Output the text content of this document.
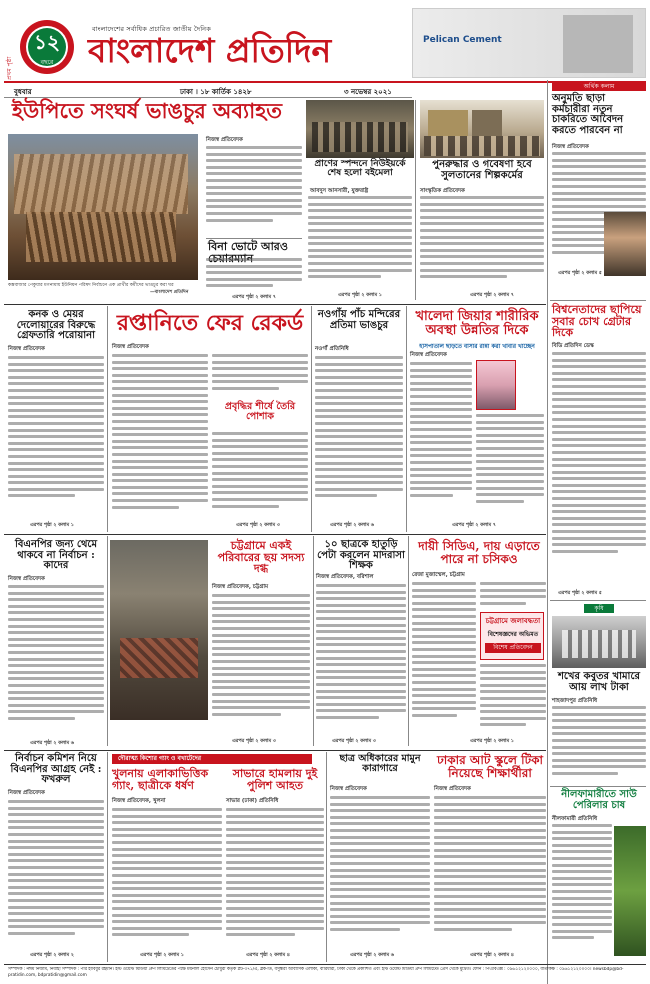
প্রথম পৃষ্ঠা
১২
বছরে
বাংলাদেশের সর্বাধিক প্রচারিত জাতীয় দৈনিক
বাংলাদেশ প্রতিদিন	Pelican Cement
বুধবার	ঢাকা । ১৮ কার্তিক ১৪২৮	৩ নভেম্বর ২০২১
ইউপিতে সংঘর্ষ ভাঙচুর অব্যাহত
কক্সবাজার পেকুয়ার মগনামায় ইউনিয়ন পরিষদ নির্বাচনে এক প্রার্থীর কর্মীদের ভাঙচুর করা ঘর
—বাংলাদেশ প্রতিদিন
নিজস্ব প্রতিবেদক
বিনা ভোটে আরও
এরপর পৃষ্ঠা ২ কলাম ৭
প্রাণের স্পন্দনে নিউইয়র্কে শেষ হলো বইমেলা
আবদুস আনসারী, যুক্তরাষ্ট্র
এরপর পৃষ্ঠা ২ কলাম ১
পুনরুদ্ধার ও গবেষণা হবে সুলতানের শিল্পকর্মের
সাংস্কৃতিক প্রতিবেদক
এরপর পৃষ্ঠা ২ কলাম ৭
অর্থিক কলাম
অনুমতি ছাড়া কর্মচারীরা নতুন চাকরিতে আবেদন করতে পারবেন না
নিজস্ব প্রতিবেদক
এরপর পৃষ্ঠা ২ কলাম ৫
বিশ্বনেতাদের ছাপিয়ে সবার চোখ গ্রেটার দিকে
বিডি প্রতিদিন ডেস্ক
এরপর পৃষ্ঠা ২ কলাম ৫
কৃষি
শখের কবুতর খামারে আয় লাখ টাকা
শাহজাদপুর প্রতিনিধি
নীলফামারীতে সাউ পেরিলার চাষ
নীলফামারী প্রতিনিধি
কনক ও মেয়র দেলোয়ারের বিরুদ্ধে গ্রেফতারি পরোয়ানা
নিজস্ব প্রতিবেদক
এরপর পৃষ্ঠা ২ কলাম ১
রপ্তানিতে ফের রেকর্ড
নিজস্ব প্রতিবেদক
প্রবৃদ্ধির শীর্ষে তৈরি পোশাক
এরপর পৃষ্ঠা ২ কলাম ৩
নওগাঁয় পাঁচ মন্দিরের প্রতিমা ভাঙচুর
নওগাঁ প্রতিনিধি
এরপর পৃষ্ঠা ২ কলাম ৬
খালেদা জিয়ার শারীরিক অবস্থা উন্নতির দিকে
হাসপাতাল ছাড়তে বাসার রান্না করা খাবার খাচ্ছেন
নিজস্ব প্রতিবেদক
এরপর পৃষ্ঠা ২ কলাম ৭
বিএনপির জন্য থেমে থাকবে না নির্বাচন : কাদের
নিজস্ব প্রতিবেদক
এরপর পৃষ্ঠা ২ কলাম ৬
চট্টগ্রামে একই পরিবারের ছয় সদস্য দগ্ধ
নিজস্ব প্রতিবেদক, চট্টগ্রাম
এরপর পৃষ্ঠা ২ কলাম ৩
১০ ছাত্রকে হাতুড়ি পেটা করলেন মাদরাসা শিক্ষক
নিজস্ব প্রতিবেদক, বরিশাল
এরপর পৃষ্ঠা ২ কলাম ৩
দায়ী সিডিএ, দায় এড়াতে পারে না চসিকও
রেজা মুজাম্মেল, চট্টগ্রাম
চট্টগ্রামে জলাবদ্ধতা
বিশেষজ্ঞদের অভিমত
বিশেষ প্রতিবেদন
এরপর পৃষ্ঠা ২ কলাম ১
নির্বাচন কমিশন নিয়ে বিএনপির আগ্রহ নেই : ফখরুল
নিজস্ব প্রতিবেদক
এরপর পৃষ্ঠা ২ কলাম ২
দৌরাত্ম্য কিশোর গ্যাং ও বখাটেদের
খুলনায় এলাকাভিত্তিক গ্যাং, ছাত্রীকে ধর্ষণ
নিজস্ব প্রতিবেদক, খুলনা
এরপর পৃষ্ঠা ২ কলাম ১
সাভারে হামলায় দুই পুলিশ আহত
সাভার (ঢাকা) প্রতিনিধি
এরপর পৃষ্ঠা ২ কলাম ৪
ছাত্র অধিকারের মামুন কারাগারে
নিজস্ব প্রতিবেদক
এরপর পৃষ্ঠা ২ কলাম ৬
ঢাকার আট স্কুলে টিকা নিয়েছে শিক্ষার্থীরা
নিজস্ব প্রতিবেদক
এরপর পৃষ্ঠা ২ কলাম ৪
সম্পাদক : নঈম নিজাম, নির্বাহী সম্পাদক : পীর হাবিবুর রহমান। ইস্ট ওয়েস্ট মিডিয়া গ্রুপ লিমিটেডের পক্ষে ময়নাল হোসেন চৌধুরী কর্তৃক প্লট-৩৭১/এ, ব্লক-ডি, বসুন্ধরা আবাসিক এলাকা, বারিধারা, ঢাকা থেকে প্রকাশিত এবং ইস্ট ওয়েস্ট মিডিয়া গ্রুপ লিমিটেড প্রেস থেকে মুদ্রিত। ফোন : পিএবিএক্স : ০৯৬১২১২০০০০, বার্তাকক্ষ : ০৯৬১২১২০০০০। newsbdp@bd-pratidin.com, bdpratidin@gmail.com
